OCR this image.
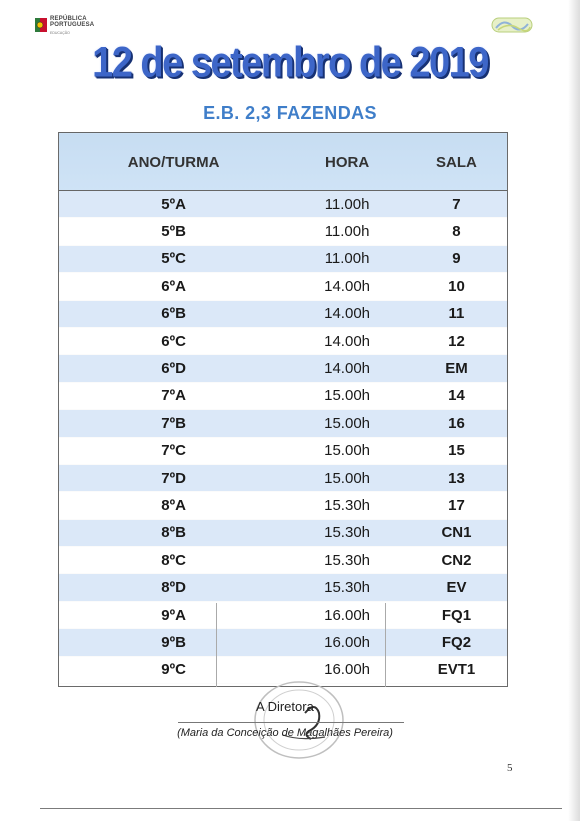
REPÚBLICA
PORTUGUESA
EDUCAÇÃO
12 de setembro de 2019
E.B. 2,3 FAZENDAS
ANO/TURMA	HORA	SALA
5ºA	11.00h	7
5ºB	11.00h	8
5ºC	11.00h	9
6ºA	14.00h	10
6ºB	14.00h	11
6ºC	14.00h	12
6ºD	14.00h	EM
7ºA	15.00h	14
7ºB	15.00h	16
7ºC	15.00h	15
7ºD	15.00h	13
8ºA	15.30h	17
8ºB	15.30h	CN1
8ºC	15.30h	CN2
8ºD	15.30h	EV
9ºA	16.00h	FQ1
9ºB	16.00h	FQ2
9ºC	16.00h	EVT1
A Diretora
(Maria da Conceição de Magalhães Pereira)
5
